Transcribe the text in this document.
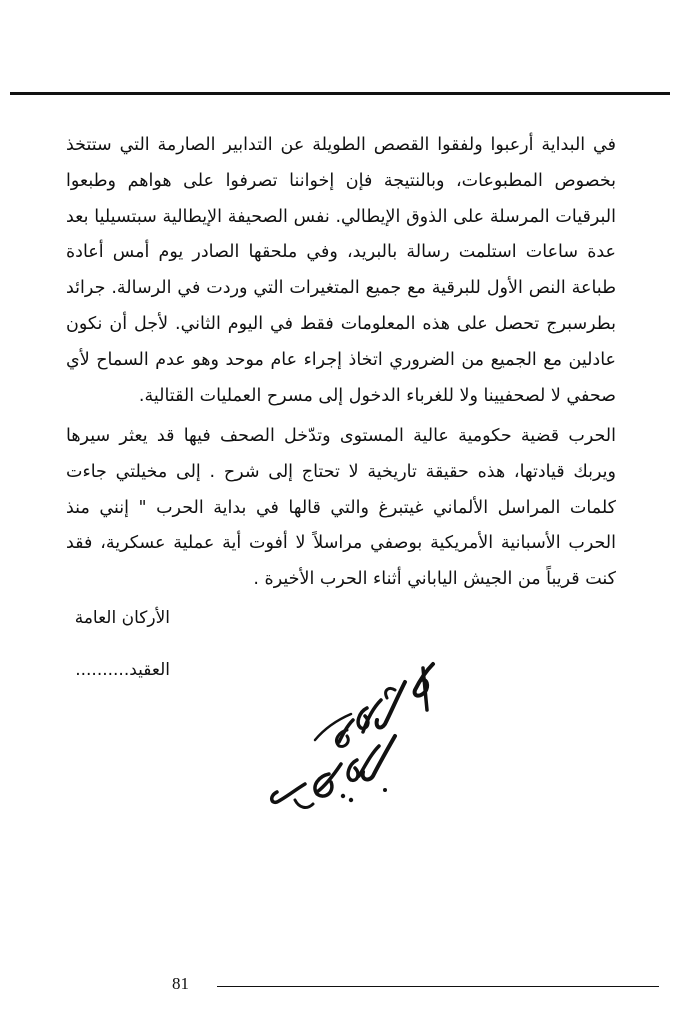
في البداية أرعبوا ولفقوا القصص الطويلة عن التدابير الصارمة التي ستتخذ بخصوص المطبوعات، وبالنتيجة فإن إخواننا تصرفوا على هواهم وطبعوا البرقيات المرسلة على الذوق الإيطالي. نفس الصحيفة الإيطالية سبتسيليا بعد عدة ساعات استلمت رسالة بالبريد، وفي ملحقها الصادر يوم أمس أعادة طباعة النص الأول للبرقية مع جميع المتغيرات التي وردت في الرسالة. جرائد بطرسبرج تحصل على هذه المعلومات فقط في اليوم الثاني. لأجل أن نكون عادلين مع الجميع من الضروري اتخاذ إجراء عام موحد وهو عدم السماح لأي صحفي لا لصحفيينا ولا للغرباء الدخول إلى مسرح العمليات القتالية.

الحرب قضية حكومية عالية المستوى وتدّخل الصحف فيها قد يعثر سيرها ويربك قيادتها، هذه حقيقة تاريخية لا تحتاج إلى شرح . إلى مخيلتي جاءت كلمات المراسل الألماني غيتبرغ والتي قالها في بداية الحرب " إنني منذ الحرب الأسبانية الأمريكية بوصفي مراسلاً لا أفوت أية عملية عسكرية، فقد كنت قريباً من الجيش الياباني أثناء الحرب الأخيرة .

الأركان العامة

العقيد..........

81
